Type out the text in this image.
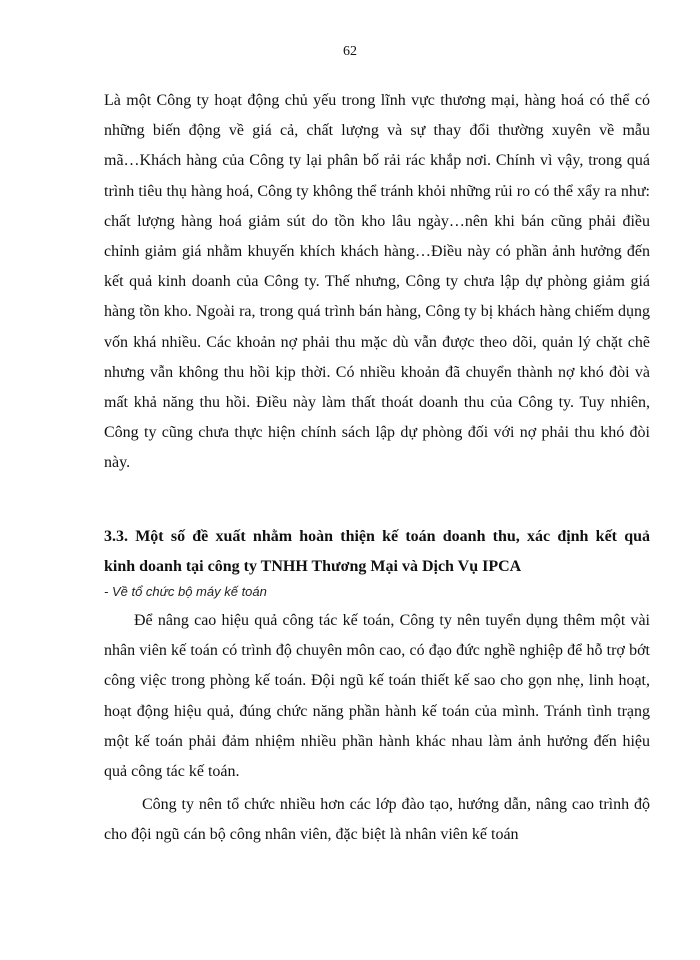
62
Là một Công ty hoạt động chủ yếu trong lĩnh vực thương mại, hàng hoá có thể có
những biến động về giá cả, chất lượng và sự thay đổi thường xuyên về mẫu
mã…Khách hàng của Công ty lại phân bố rải rác khắp nơi. Chính vì vậy, trong quá
trình tiêu thụ hàng hoá, Công ty không thể tránh khỏi những rủi ro có thể xẩy ra như:
chất lượng hàng hoá giảm sút do tồn kho lâu ngày…nên khi bán cũng phải điều
chỉnh giảm giá nhằm khuyến khích khách hàng…Điều này có phần ảnh hưởng đến
kết quả kinh doanh của Công ty. Thế nhưng, Công ty chưa lập dự phòng giảm giá
hàng tồn kho. Ngoài ra, trong quá trình bán hàng, Công ty bị khách hàng chiếm dụng
vốn khá nhiều. Các khoản nợ phải thu mặc dù vẫn được theo dõi, quản lý chặt chẽ
nhưng vẫn không thu hồi kịp thời. Có nhiều khoản đã chuyển thành nợ khó đòi và
mất khả năng thu hồi. Điều này làm thất thoát doanh thu của Công ty. Tuy nhiên,
Công ty cũng chưa thực hiện chính sách lập dự phòng đối với nợ phải thu khó đòi
này.
3.3. Một số đề xuất nhằm hoàn thiện kế toán doanh thu, xác định kết quả
kinh doanh tại công ty TNHH Thương Mại và Dịch Vụ IPCA
- Về tổ chức bộ máy kế toán
Để nâng cao hiệu quả công tác kế toán, Công ty nên tuyển dụng thêm một vài
nhân viên kế toán có trình độ chuyên môn cao, có đạo đức nghề nghiệp để hỗ trợ bớt
công việc trong phòng kế toán. Đội ngũ kế toán thiết kế sao cho gọn nhẹ, linh hoạt,
hoạt động hiệu quả, đúng chức năng phần hành kế toán của mình. Tránh tình trạng
một kế toán phải đảm nhiệm nhiều phần hành khác nhau làm ảnh hưởng đến hiệu
quả công tác kế toán.
Công ty nên tổ chức nhiều hơn các lớp đào tạo, hướng dẫn, nâng cao trình độ
cho đội ngũ cán bộ công nhân viên, đặc biệt là nhân viên kế toán
